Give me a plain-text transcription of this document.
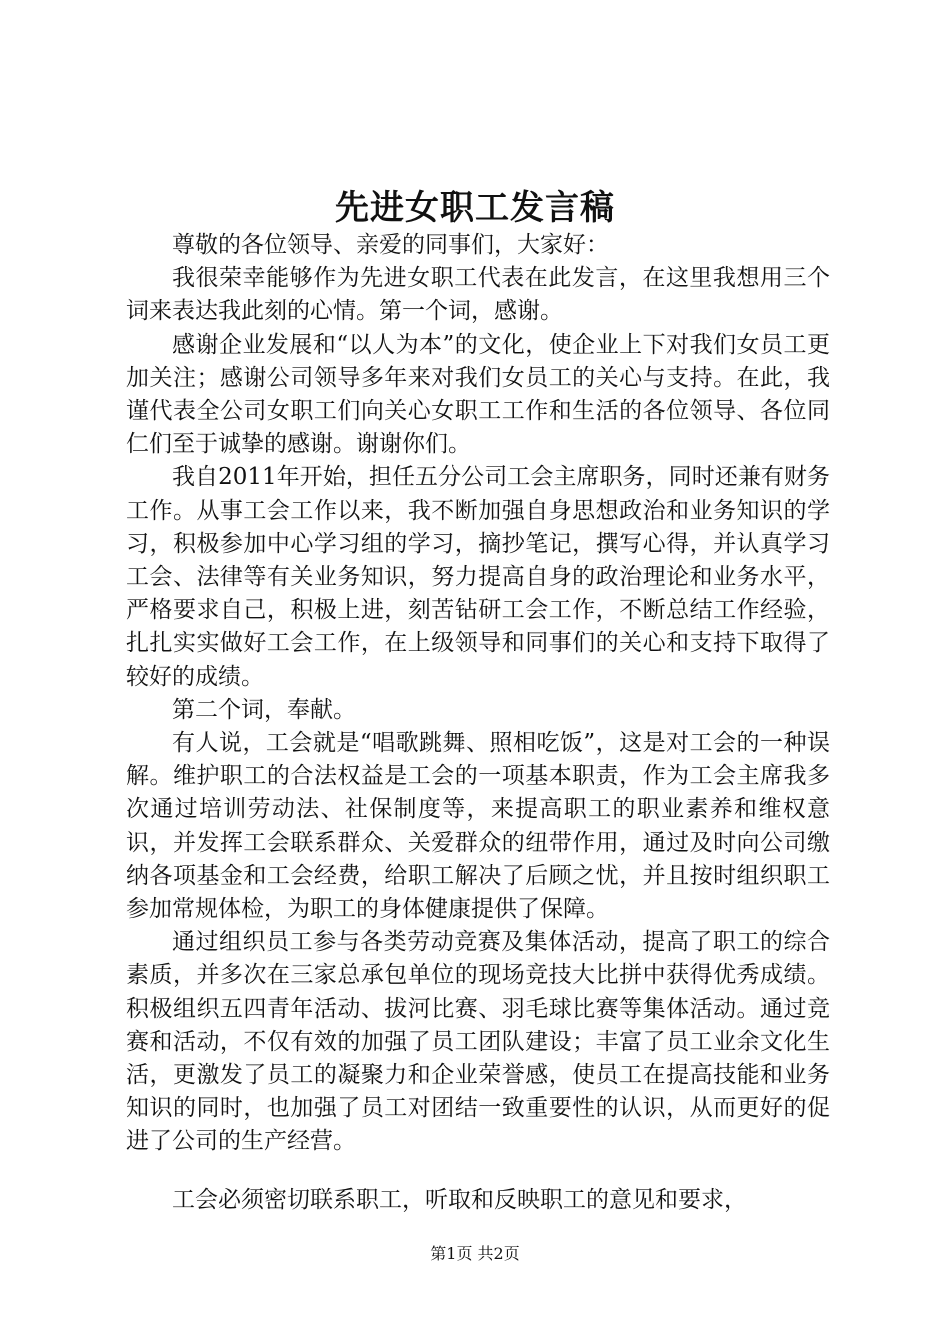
先进女职工发言稿

尊敬的各位领导、亲爱的同事们，大家好：

我很荣幸能够作为先进女职工代表在此发言，在这里我想用三个词来表达我此刻的心情。第一个词，感谢。

感谢企业发展和“以人为本”的文化，使企业上下对我们女员工更加关注；感谢公司领导多年来对我们女员工的关心与支持。在此，我谨代表全公司女职工们向关心女职工工作和生活的各位领导、各位同仁们至于诚挚的感谢。谢谢你们。

我自2011年开始，担任五分公司工会主席职务，同时还兼有财务工作。从事工会工作以来，我不断加强自身思想政治和业务知识的学习，积极参加中心学习组的学习，摘抄笔记，撰写心得，并认真学习工会、法律等有关业务知识，努力提高自身的政治理论和业务水平，严格要求自己，积极上进，刻苦钻研工会工作，不断总结工作经验，扎扎实实做好工会工作，在上级领导和同事们的关心和支持下取得了较好的成绩。

第二个词，奉献。

有人说，工会就是“唱歌跳舞、照相吃饭”，这是对工会的一种误解。维护职工的合法权益是工会的一项基本职责，作为工会主席我多次通过培训劳动法、社保制度等，来提高职工的职业素养和维权意识，并发挥工会联系群众、关爱群众的纽带作用，通过及时向公司缴纳各项基金和工会经费，给职工解决了后顾之忧，并且按时组织职工参加常规体检，为职工的身体健康提供了保障。

通过组织员工参与各类劳动竞赛及集体活动，提高了职工的综合素质，并多次在三家总承包单位的现场竞技大比拼中获得优秀成绩。积极组织五四青年活动、拔河比赛、羽毛球比赛等集体活动。通过竞赛和活动，不仅有效的加强了员工团队建设；丰富了员工业余文化生活，更激发了员工的凝聚力和企业荣誉感，使员工在提高技能和业务知识的同时，也加强了员工对团结一致重要性的认识，从而更好的促进了公司的生产经营。

工会必须密切联系职工，听取和反映职工的意见和要求，

第1页 共2页
